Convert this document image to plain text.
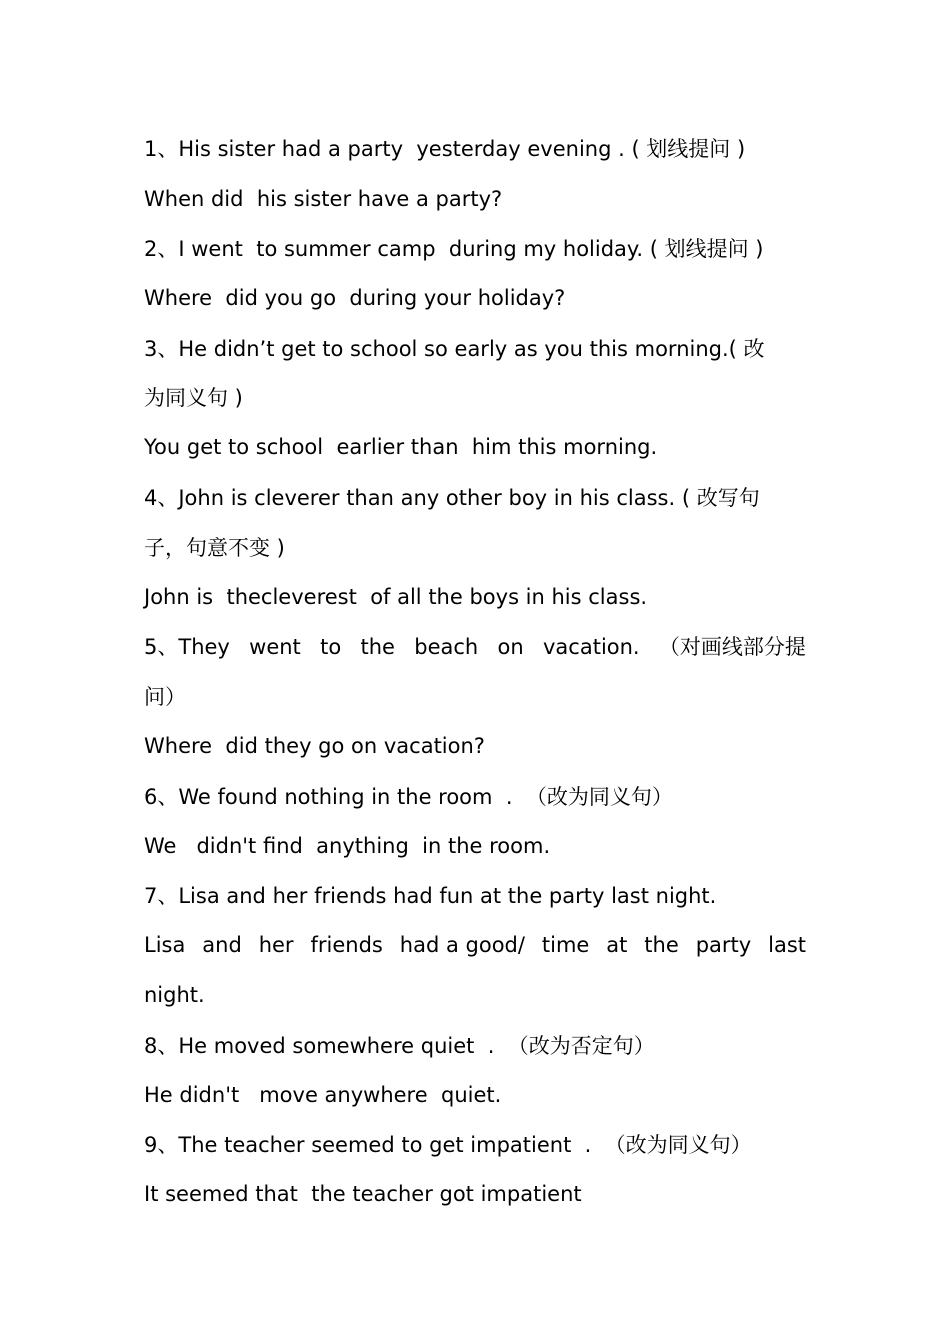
1、His sister had a party  yesterday evening . ( 划线提问 )
When did  his sister have a party?
2、I went  to summer camp  during my holiday. ( 划线提问 )
Where  did you go  during your holiday?
3、He didn’t get to school so early as you this morning.( 改
为同义句 )
You get to school  earlier than  him this morning.
4、John is cleverer than any other boy in his class. ( 改写句
子，句意不变 )
John is  thecleverest  of all the boys in his class.
5、They went to the beach on vacation. （对画线部分提
问）
Where  did they go on vacation?
6、We found nothing in the room  .  （改为同义句）
We   didn't find  anything  in the room.
7、Lisa and her friends had fun at the party last night.
Lisa and her friends had a good/ time at the party last
night.
8、He moved somewhere quiet  .  （改为否定句）
He didn't   move anywhere  quiet.
9、The teacher seemed to get impatient  .  （改为同义句）
It seemed that  the teacher got impatient
